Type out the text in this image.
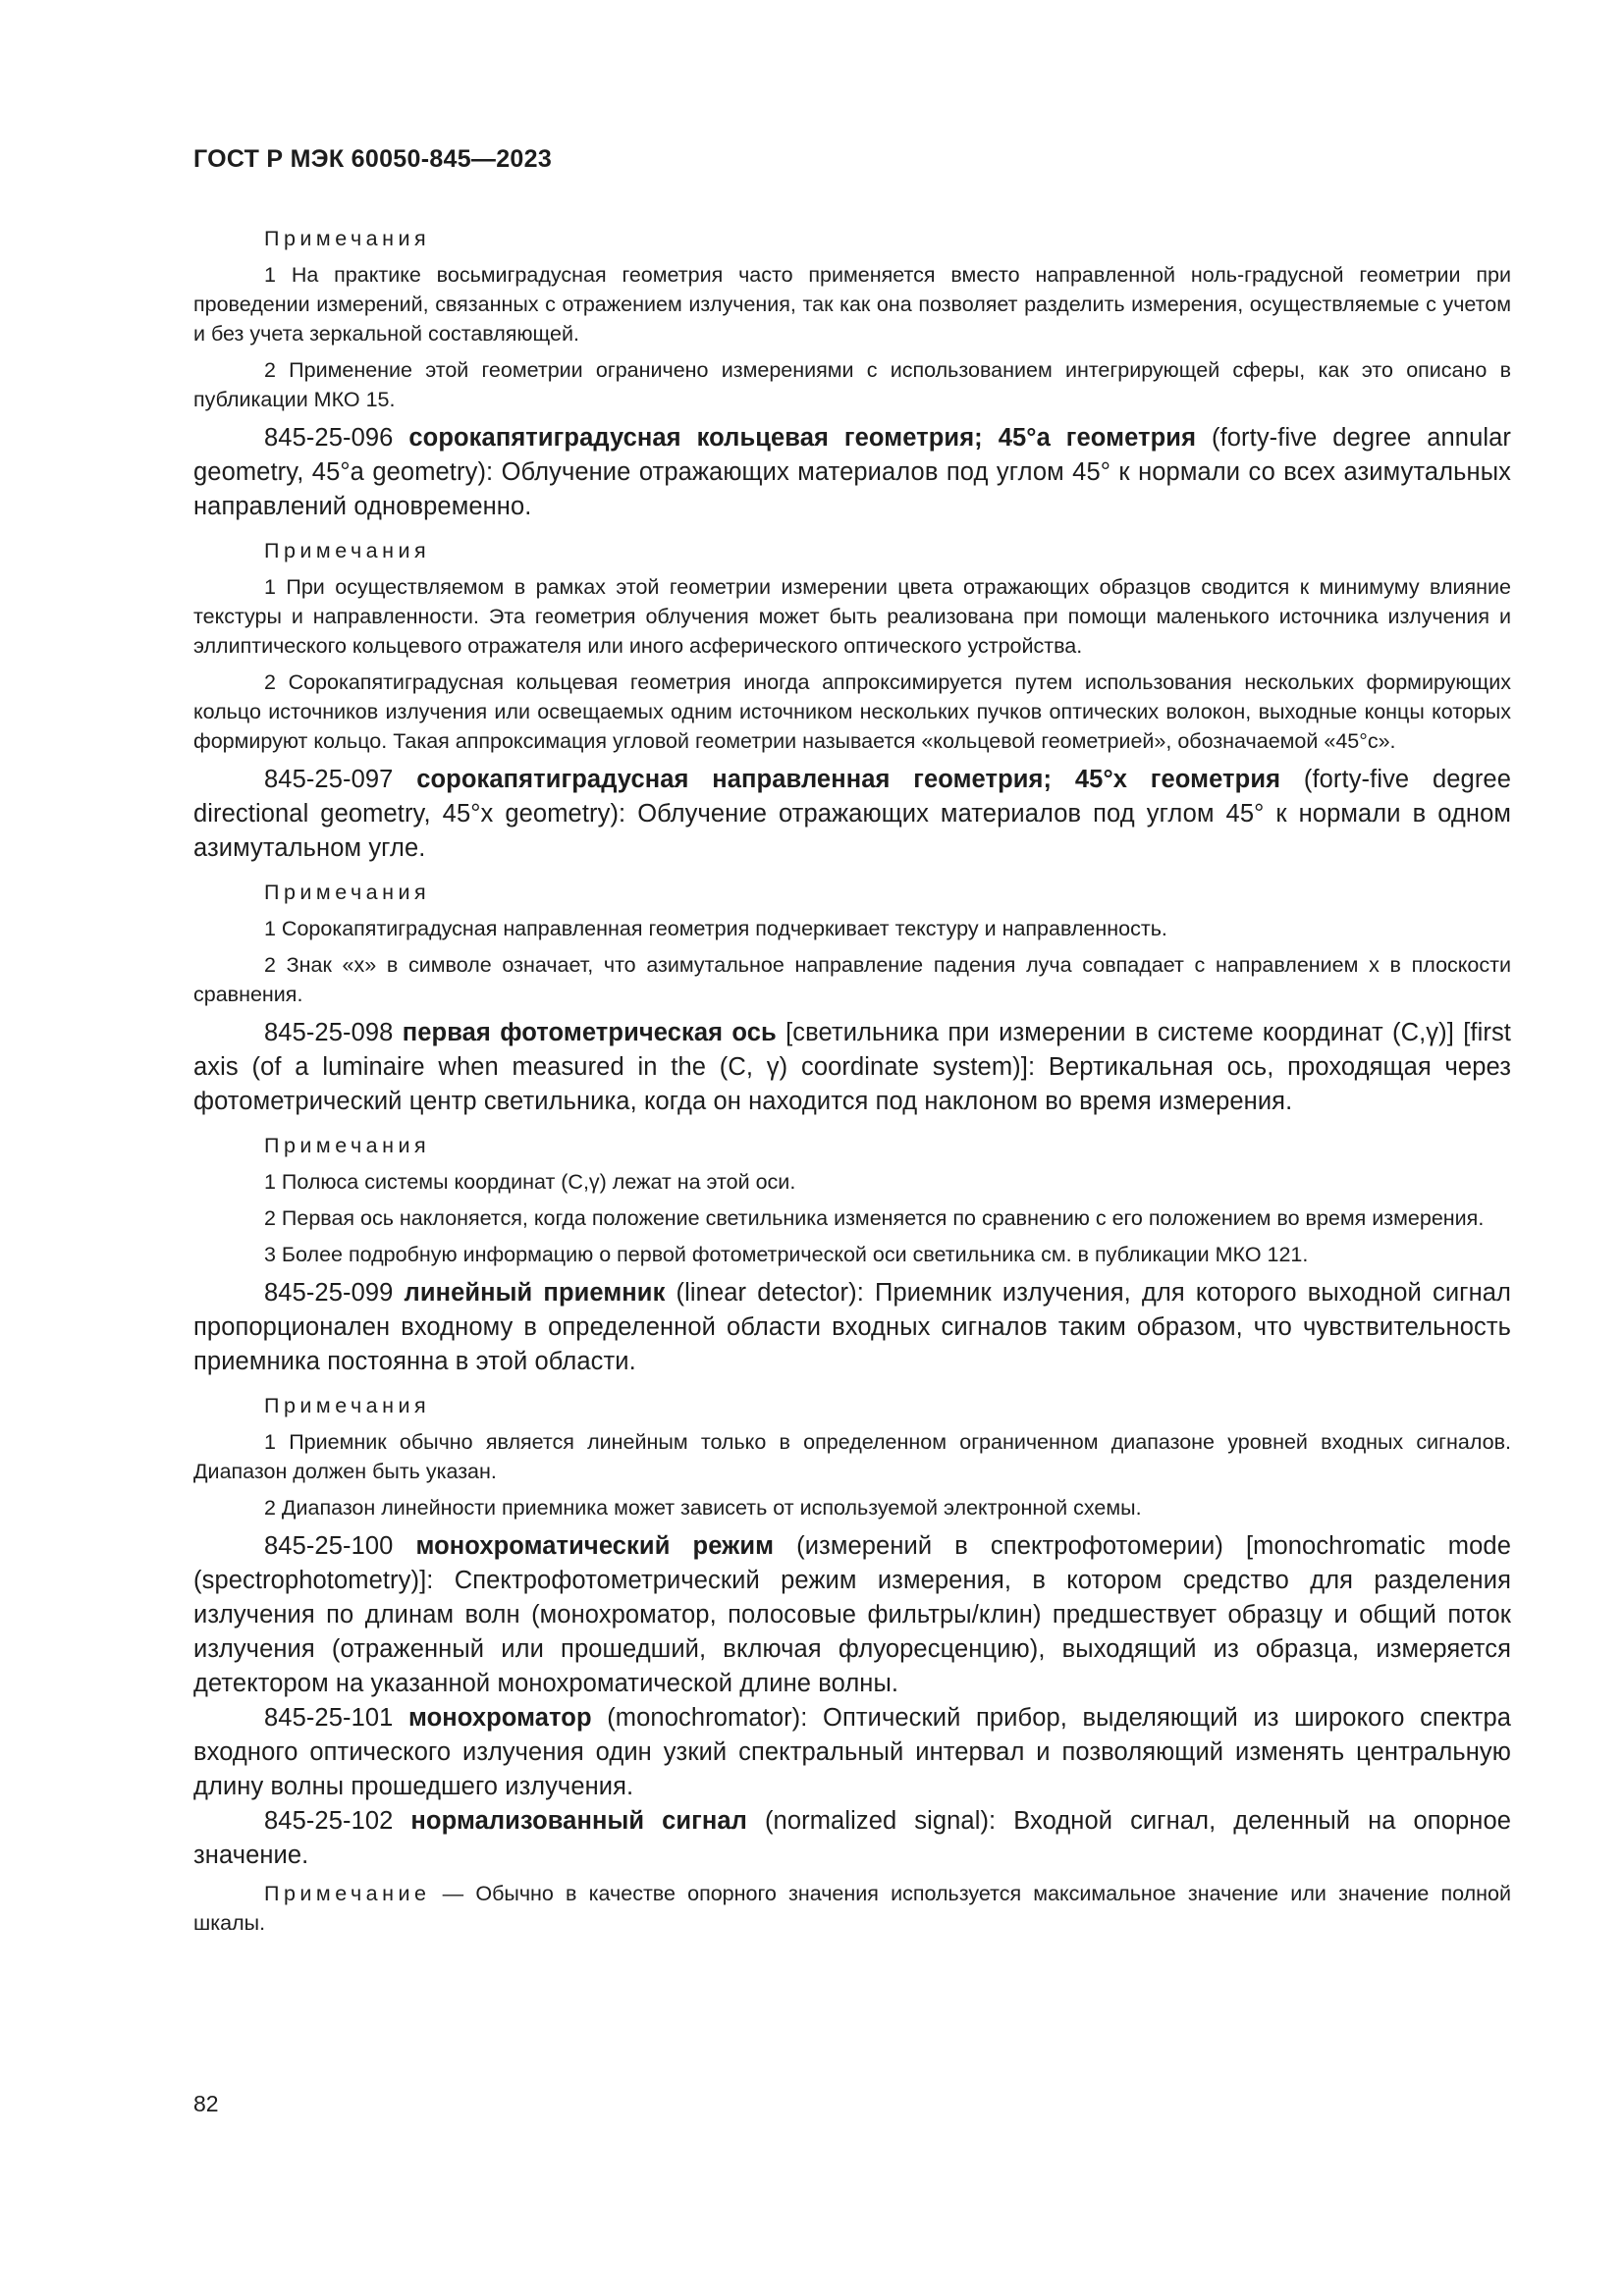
ГОСТ Р МЭК 60050-845—2023

Примечания

1 На практике восьмиградусная геометрия часто применяется вместо направленной ноль-градусной геометрии при проведении измерений, связанных с отражением излучения, так как она позволяет разделить измерения, осуществляемые с учетом и без учета зеркальной составляющей.

2 Применение этой геометрии ограничено измерениями с использованием интегрирующей сферы, как это описано в публикации МКО 15.

845-25-096 сорокапятиградусная кольцевая геометрия; 45°a геометрия (forty-five degree annular geometry, 45°a geometry): Облучение отражающих материалов под углом 45° к нормали со всех азимутальных направлений одновременно.

Примечания

1 При осуществляемом в рамках этой геометрии измерении цвета отражающих образцов сводится к минимуму влияние текстуры и направленности. Эта геометрия облучения может быть реализована при помощи маленького источника излучения и эллиптического кольцевого отражателя или иного асферического оптического устройства.

2 Сорокапятиградусная кольцевая геометрия иногда аппроксимируется путем использования нескольких формирующих кольцо источников излучения или освещаемых одним источником нескольких пучков оптических волокон, выходные концы которых формируют кольцо. Такая аппроксимация угловой геометрии называется «кольцевой геометрией», обозначаемой «45°c».

845-25-097 сорокапятиградусная направленная геометрия; 45°x геометрия (forty-five degree directional geometry, 45°x geometry): Облучение отражающих материалов под углом 45° к нормали в одном азимутальном угле.

Примечания

1 Сорокапятиградусная направленная геометрия подчеркивает текстуру и направленность.

2 Знак «x» в символе означает, что азимутальное направление падения луча совпадает с направлением x в плоскости сравнения.

845-25-098 первая фотометрическая ось [светильника при измерении в системе координат (C,γ)] [first axis (of a luminaire when measured in the (C, γ) coordinate system)]: Вертикальная ось, проходящая через фотометрический центр светильника, когда он находится под наклоном во время измерения.

Примечания

1 Полюса системы координат (C,γ) лежат на этой оси.

2 Первая ось наклоняется, когда положение светильника изменяется по сравнению с его положением во время измерения.

3 Более подробную информацию о первой фотометрической оси светильника см. в публикации МКО 121.

845-25-099 линейный приемник (linear detector): Приемник излучения, для которого выходной сигнал пропорционален входному в определенной области входных сигналов таким образом, что чувствительность приемника постоянна в этой области.

Примечания

1 Приемник обычно является линейным только в определенном ограниченном диапазоне уровней входных сигналов. Диапазон должен быть указан.

2 Диапазон линейности приемника может зависеть от используемой электронной схемы.

845-25-100 монохроматический режим (измерений в спектрофотомерии) [monochromatic mode (spectrophotometry)]: Спектрофотометрический режим измерения, в котором средство для разделения излучения по длинам волн (монохроматор, полосовые фильтры/клин) предшествует образцу и общий поток излучения (отраженный или прошедший, включая флуоресценцию), выходящий из образца, измеряется детектором на указанной монохроматической длине волны.

845-25-101 монохроматор (monochromator): Оптический прибор, выделяющий из широкого спектра входного оптического излучения один узкий спектральный интервал и позволяющий изменять центральную длину волны прошедшего излучения.

845-25-102 нормализованный сигнал (normalized signal): Входной сигнал, деленный на опорное значение.

Примечание — Обычно в качестве опорного значения используется максимальное значение или значение полной шкалы.

82
